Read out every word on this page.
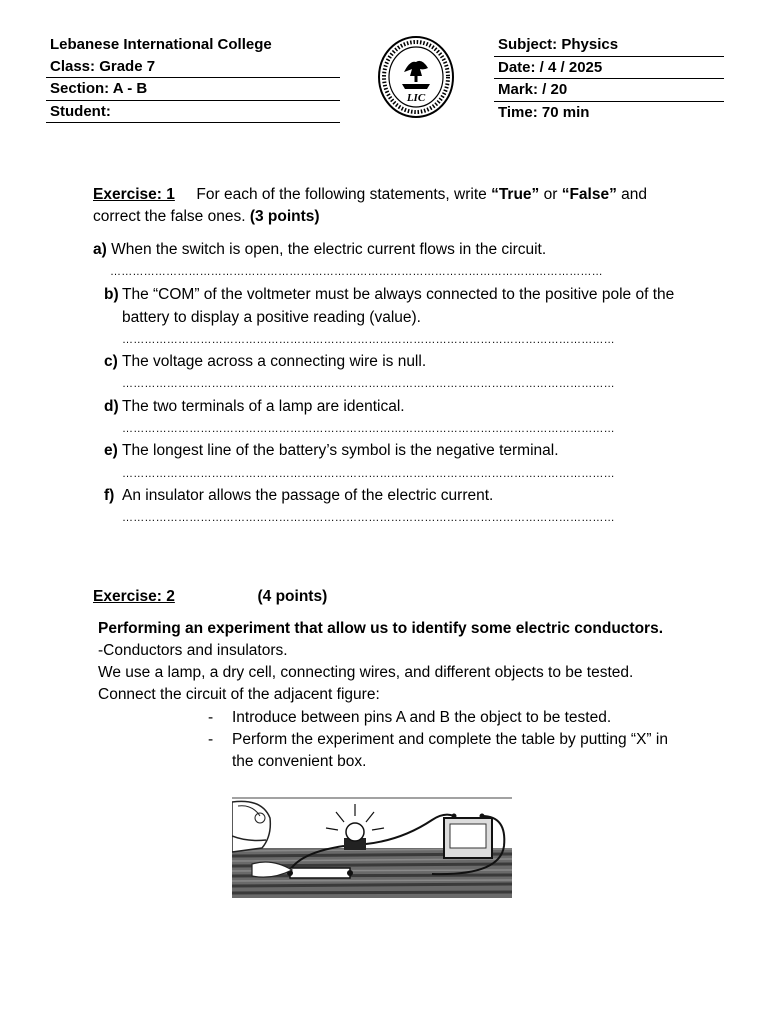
Lebanese International College
Class: Grade 7
Section: A - B
Student:
LIC
Subject: Physics
Date: / 4 / 2025
Mark: / 20
Time: 70 min
Exercise: 1 For each of the following statements, write “True” or “False” and correct the false ones. (3 points)
a) When the switch is open, the electric current flows in the circuit.
……………………………………………………………………………………………………………………
b) The “COM” of the voltmeter must be always connected to the positive pole of the battery to display a positive reading (value).
……………………………………………………………………………………………………………………
c) The voltage across a connecting wire is null.
……………………………………………………………………………………………………………………
d) The two terminals of a lamp are identical.
……………………………………………………………………………………………………………………
e) The longest line of the battery’s symbol is the negative terminal.
……………………………………………………………………………………………………………………
f) An insulator allows the passage of the electric current.
……………………………………………………………………………………………………………………
Exercise: 2	(4 points)
Performing an experiment that allow us to identify some electric conductors.
-Conductors and insulators.
We use a lamp, a dry cell, connecting wires, and different objects to be tested.
Connect the circuit of the adjacent figure:
- Introduce between pins A and B the object to be tested.
- Perform the experiment and complete the table by putting “X” in the convenient box.
